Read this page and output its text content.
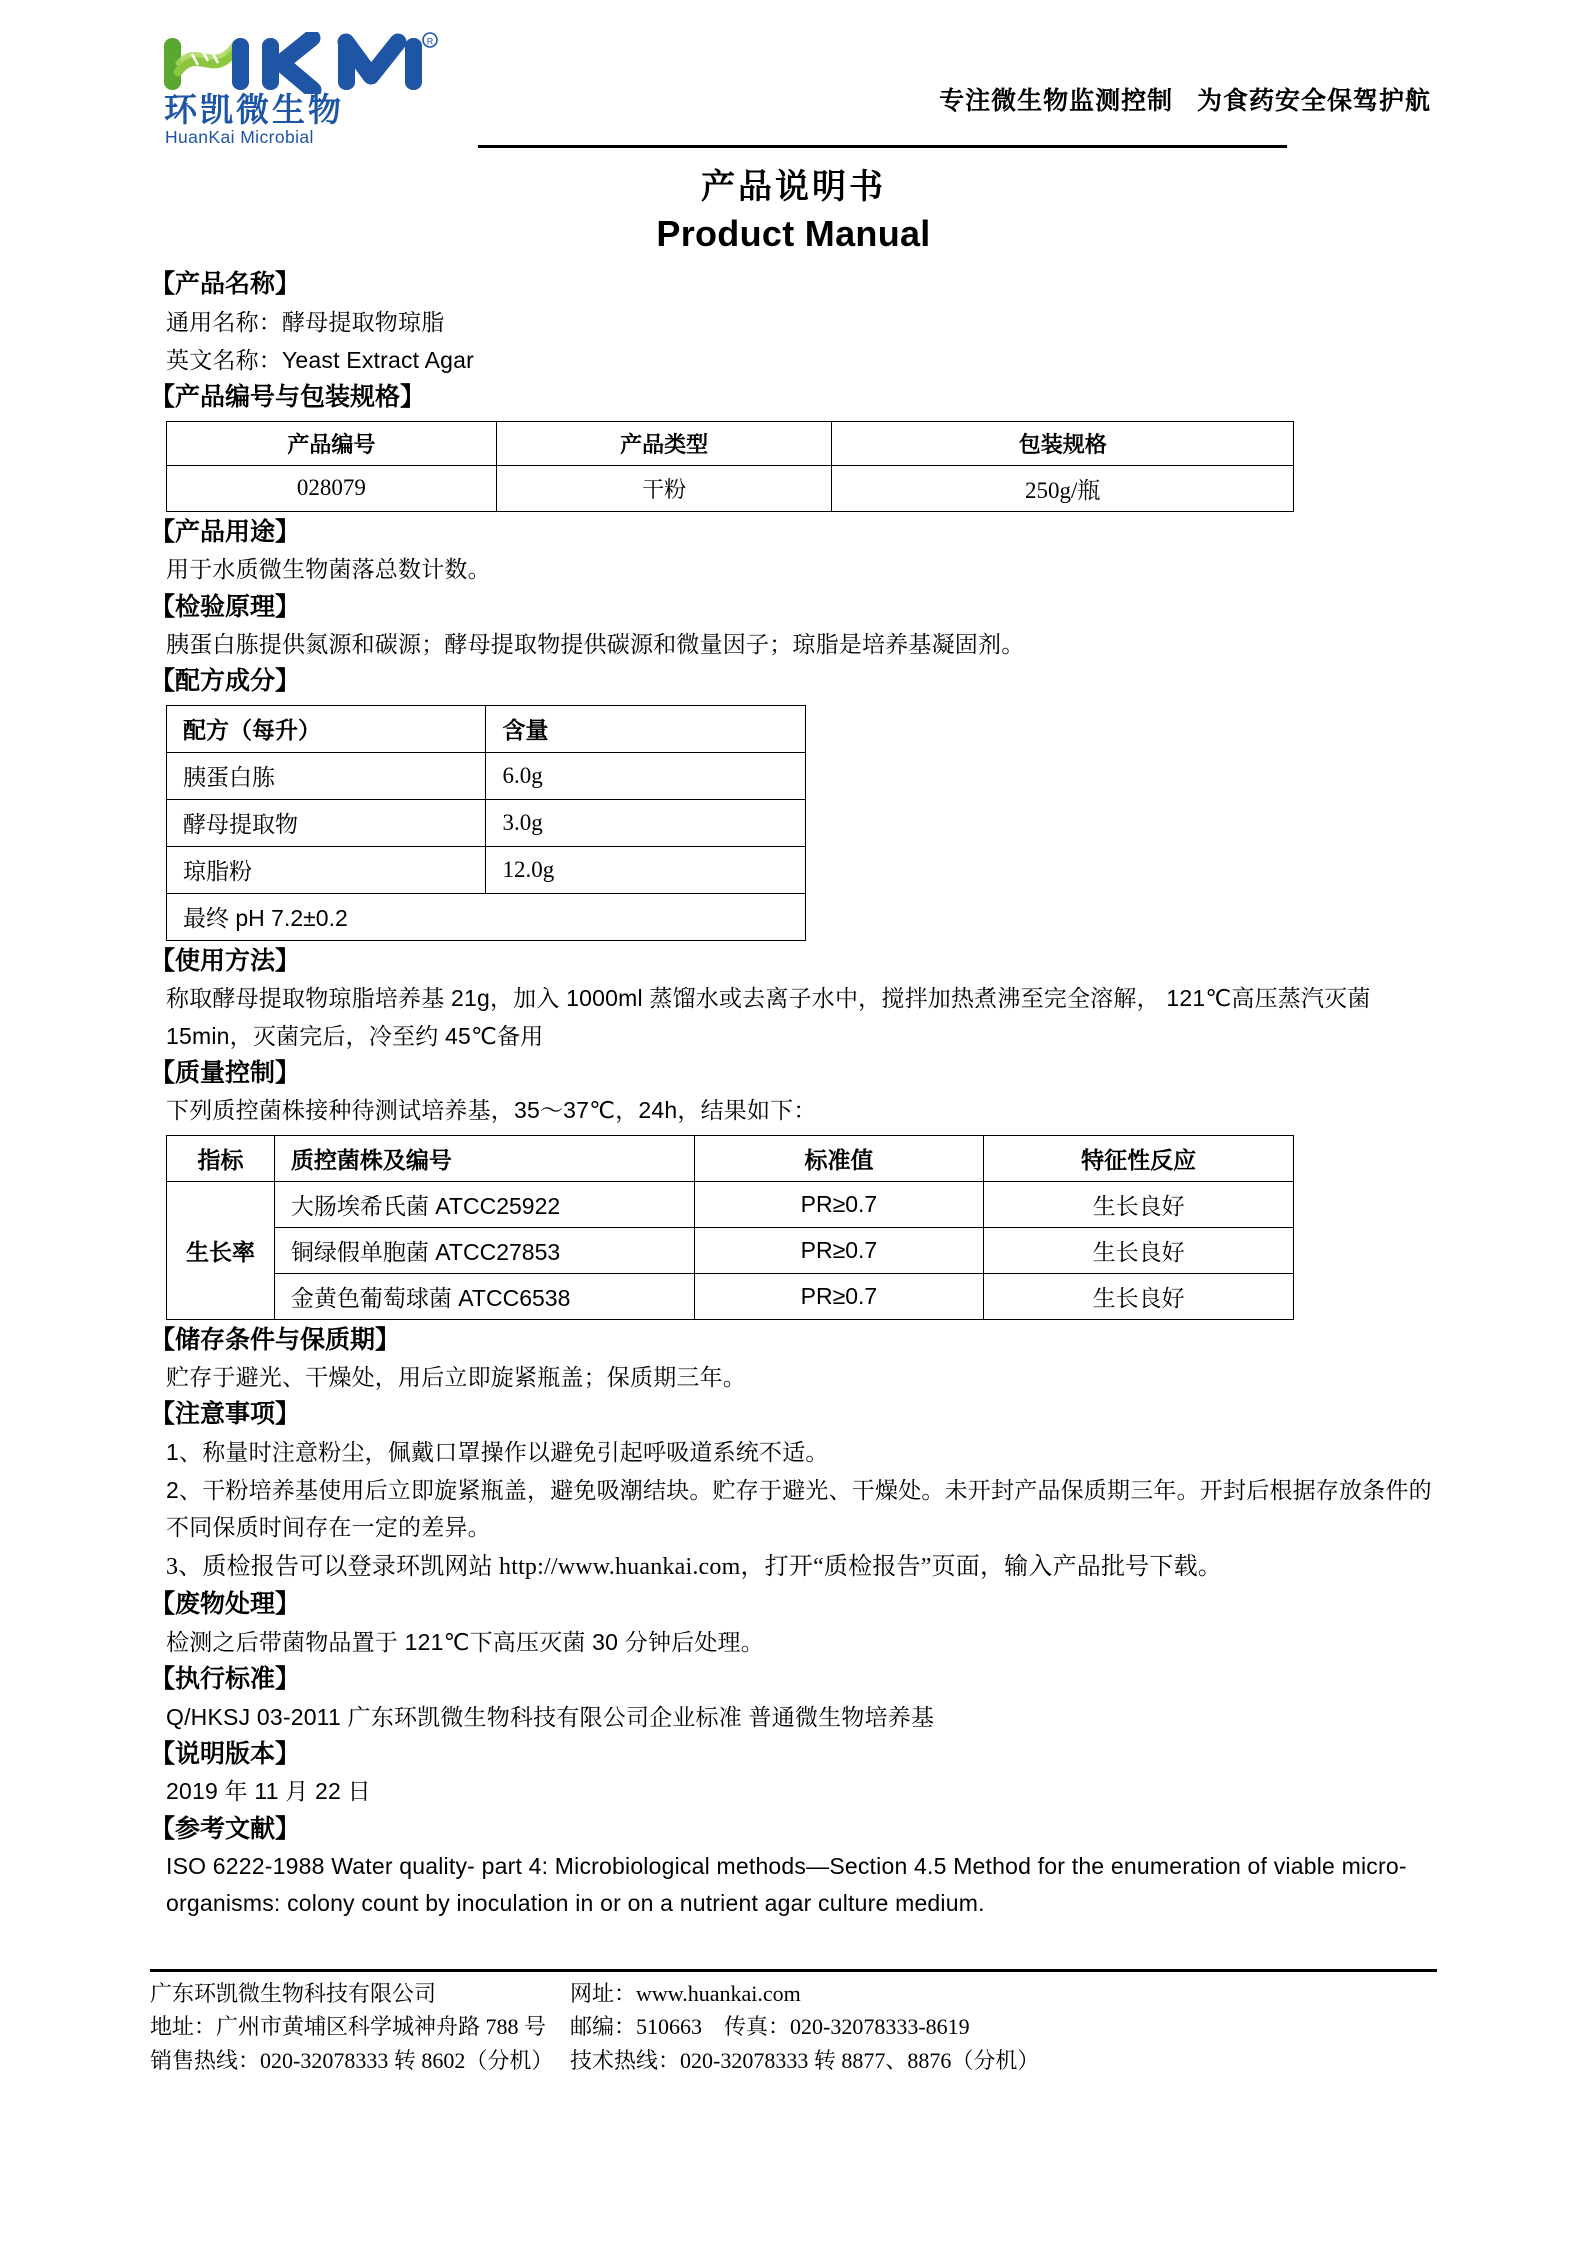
R
环凯微生物
HuanKai Microbial
专注微生物监测控制   为食药安全保驾护航
产品说明书
Product Manual
【产品名称】
通用名称：酵母提取物琼脂
英文名称：Yeast Extract Agar
【产品编号与包装规格】
产品编号	产品类型	包装规格
028079	干粉	250g/瓶
【产品用途】
用于水质微生物菌落总数计数。
【检验原理】
胰蛋白胨提供氮源和碳源；酵母提取物提供碳源和微量因子；琼脂是培养基凝固剂。
【配方成分】
配方（每升）	含量
胰蛋白胨	6.0g
酵母提取物	3.0g
琼脂粉	12.0g
最终 pH 7.2±0.2	
【使用方法】
称取酵母提取物琼脂培养基 21g，加入 1000ml 蒸馏水或去离子水中，搅拌加热煮沸至完全溶解， 121℃高压蒸汽灭菌 15min，灭菌完后，冷至约 45℃备用
【质量控制】
下列质控菌株接种待测试培养基，35～37℃，24h，结果如下：
指标	质控菌株及编号	标准值	特征性反应
生长率	大肠埃希氏菌 ATCC25922	PR≥0.7	生长良好
	铜绿假单胞菌 ATCC27853	PR≥0.7	生长良好
	金黄色葡萄球菌 ATCC6538	PR≥0.7	生长良好
【储存条件与保质期】
贮存于避光、干燥处，用后立即旋紧瓶盖；保质期三年。
【注意事项】
1、称量时注意粉尘，佩戴口罩操作以避免引起呼吸道系统不适。
2、干粉培养基使用后立即旋紧瓶盖，避免吸潮结块。贮存于避光、干燥处。未开封产品保质期三年。开封后根据存放条件的不同保质时间存在一定的差异。
3、质检报告可以登录环凯网站 http://www.huankai.com，打开“质检报告”页面，输入产品批号下载。
【废物处理】
检测之后带菌物品置于 121℃下高压灭菌 30 分钟后处理。
【执行标准】
Q/HKSJ 03-2011 广东环凯微生物科技有限公司企业标准 普通微生物培养基
【说明版本】
2019 年 11 月 22 日
【参考文献】
ISO 6222-1988 Water quality- part 4: Microbiological methods—Section 4.5 Method for the enumeration of viable micro-organisms: colony count by inoculation in or on a nutrient agar culture medium.
广东环凯微生物科技有限公司
地址：广州市黄埔区科学城神舟路 788 号
销售热线：020-32078333 转 8602（分机）
网址：www.huankai.com
邮编：510663    传真：020-32078333-8619
技术热线：020-32078333 转 8877、8876（分机）
